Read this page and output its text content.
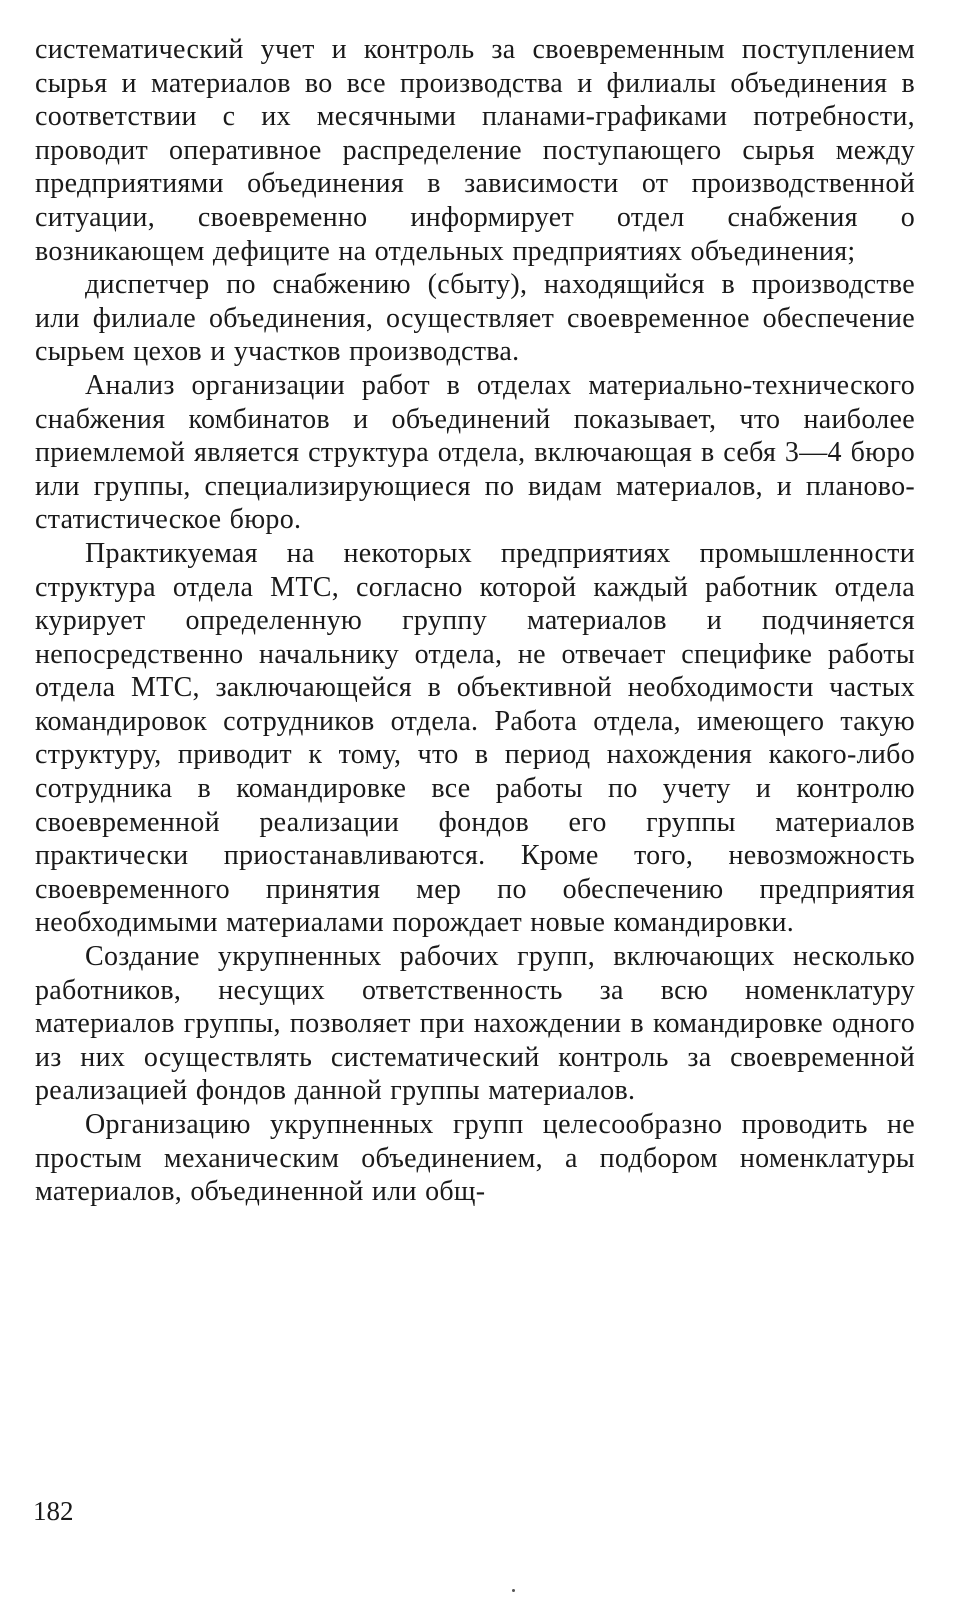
систематический учет и контроль за своевременным поступлением сырья и материалов во все производства и филиалы объединения в соответствии с их месячными планами-графиками потребности, проводит оперативное распределение поступающего сырья между предприятиями объединения в зависимости от производственной ситуации, своевременно информирует отдел снабжения о возникающем дефиците на отдельных предприятиях объединения;

диспетчер по снабжению (сбыту), находящийся в производстве или филиале объединения, осуществляет своевременное обеспечение сырьем цехов и участков производства.

Анализ организации работ в отделах материально-технического снабжения комбинатов и объединений показывает, что наиболее приемлемой является структура отдела, включающая в себя 3—4 бюро или группы, специализирующиеся по видам материалов, и планово-статистическое бюро.

Практикуемая на некоторых предприятиях промышленности структура отдела МТС, согласно которой каждый работник отдела курирует определенную группу материалов и подчиняется непосредственно начальнику отдела, не отвечает специфике работы отдела МТС, заключающейся в объективной необходимости частых командировок сотрудников отдела. Работа отдела, имеющего такую структуру, приводит к тому, что в период нахождения какого-либо сотрудника в командировке все работы по учету и контролю своевременной реализации фондов его группы материалов практически приостанавливаются. Кроме того, невозможность своевременного принятия мер по обеспечению предприятия необходимыми материалами порождает новые командировки.

Создание укрупненных рабочих групп, включающих несколько работников, несущих ответственность за всю номенклатуру материалов группы, позволяет при нахождении в командировке одного из них осуществлять систематический контроль за своевременной реализацией фондов данной группы материалов.

Организацию укрупненных групп целесообразно проводить не простым механическим объединением, а подбором номенклатуры материалов, объединенной или общ-

182
